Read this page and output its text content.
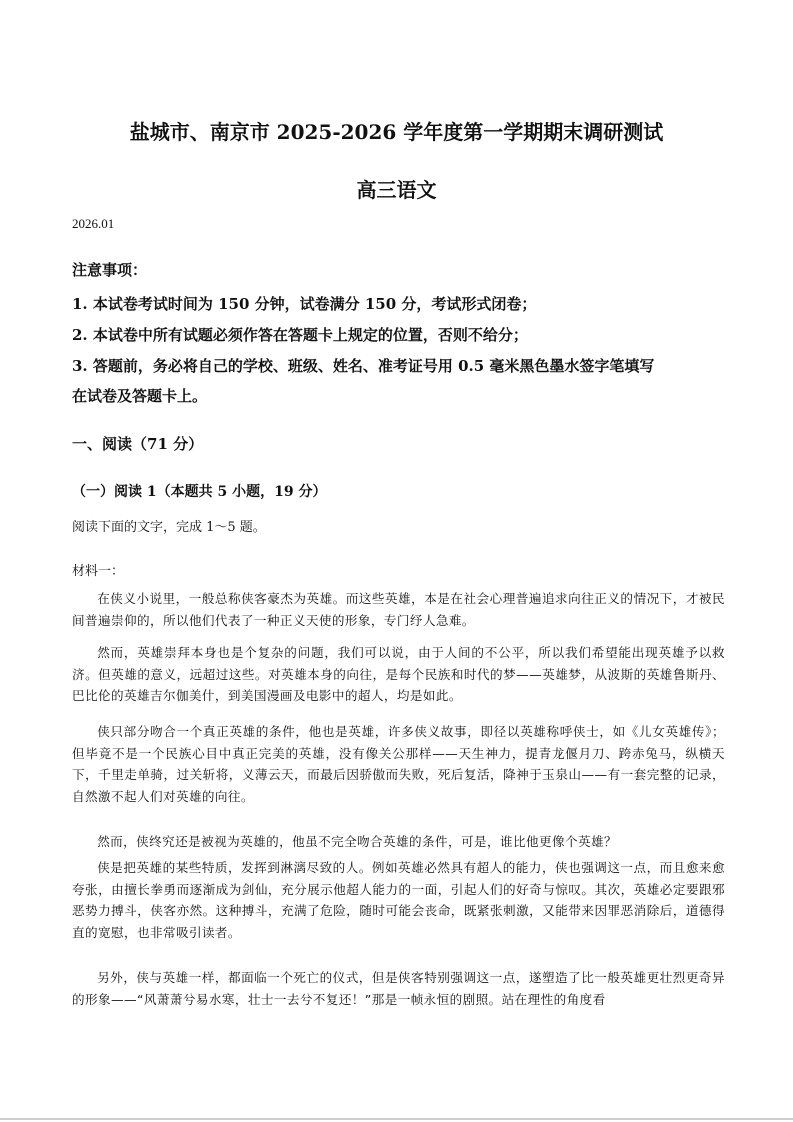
盐城市、南京市 2025-2026 学年度第一学期期末调研测试
高三语文
2026.01
注意事项：
1. 本试卷考试时间为 150 分钟，试卷满分 150 分，考试形式闭卷；
2. 本试卷中所有试题必须作答在答题卡上规定的位置，否则不给分；
3. 答题前，务必将自己的学校、班级、姓名、准考证号用 0.5 毫米黑色墨水签字笔填写
在试卷及答题卡上。
一、阅读（71 分）
（一）阅读 1（本题共 5 小题，19 分）
阅读下面的文字，完成 1～5 题。
材料一：
在侠义小说里，一般总称侠客豪杰为英雄。而这些英雄，本是在社会心理普遍追求向往正义的情况下，才被民间普遍崇仰的，所以他们代表了一种正义天使的形象，专门纾人急难。
然而，英雄崇拜本身也是个复杂的问题，我们可以说，由于人间的不公平，所以我们希望能出现英雄予以救济。但英雄的意义，远超过这些。对英雄本身的向往，是每个民族和时代的梦——英雄梦，从波斯的英雄鲁斯丹、巴比伦的英雄吉尔伽美什，到美国漫画及电影中的超人，均是如此。
侠只部分吻合一个真正英雄的条件，他也是英雄，许多侠义故事，即径以英雄称呼侠士，如《儿女英雄传》；但毕竟不是一个民族心目中真正完美的英雄，没有像关公那样——天生神力，提青龙偃月刀、跨赤兔马，纵横天下，千里走单骑，过关斩将，义薄云天，而最后因骄傲而失败，死后复活，降神于玉泉山——有一套完整的记录，自然激不起人们对英雄的向往。
然而，侠终究还是被视为英雄的，他虽不完全吻合英雄的条件，可是，谁比他更像个英雄？
侠是把英雄的某些特质，发挥到淋漓尽致的人。例如英雄必然具有超人的能力，侠也强调这一点，而且愈来愈夸张，由擅长拳勇而逐渐成为剑仙，充分展示他超人能力的一面，引起人们的好奇与惊叹。其次，英雄必定要跟邪恶势力搏斗，侠客亦然。这种搏斗，充满了危险，随时可能会丧命，既紧张刺激，又能带来因罪恶消除后，道德得直的宽慰，也非常吸引读者。
另外，侠与英雄一样，都面临一个死亡的仪式，但是侠客特别强调这一点，遂塑造了比一般英雄更壮烈更奇异的形象——“风萧萧兮易水寒，壮士一去兮不复还！”那是一帧永恒的剧照。站在理性的角度看
